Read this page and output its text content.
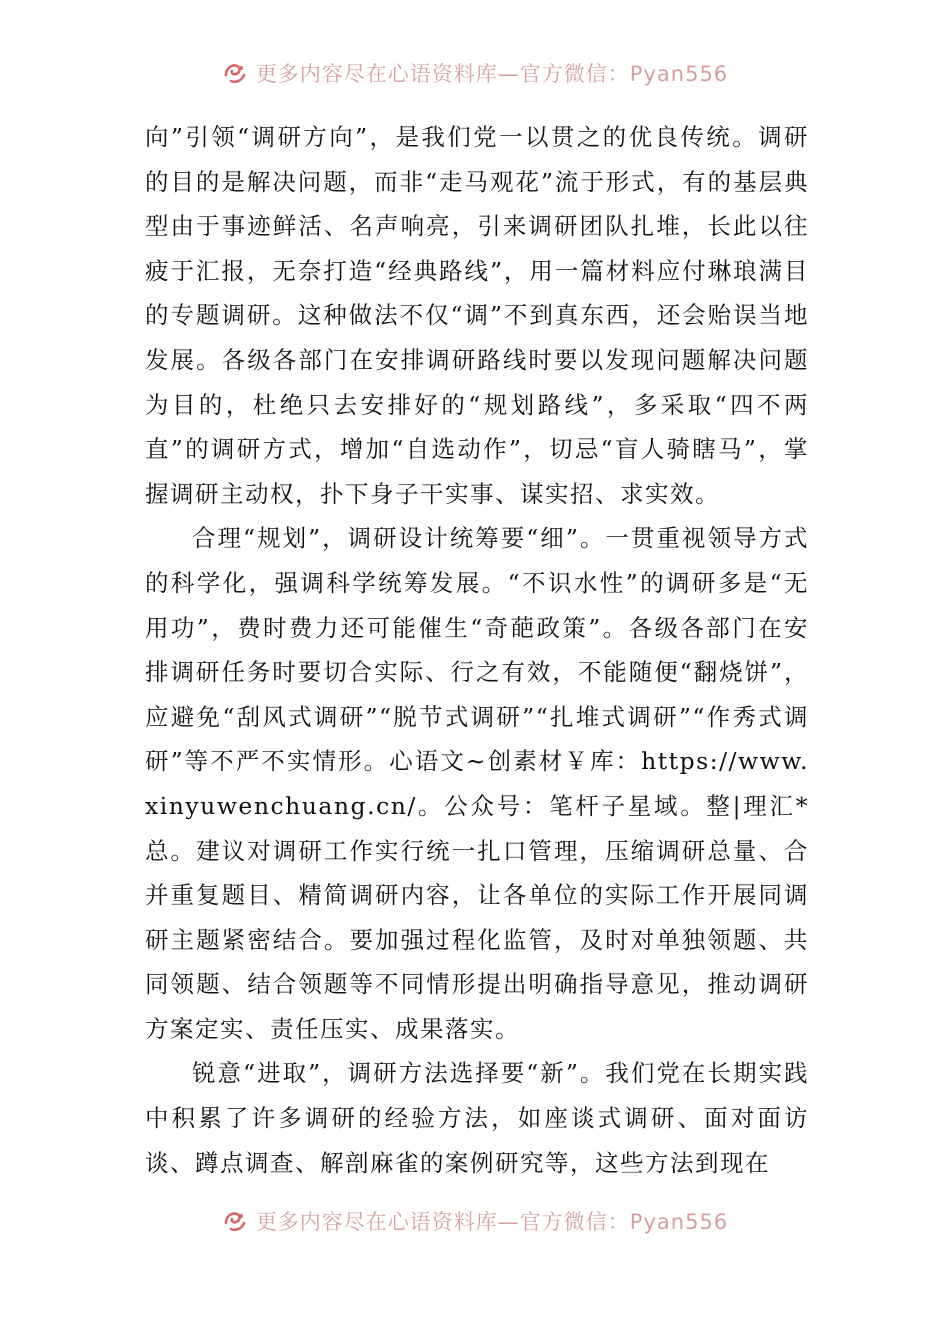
更多内容尽在心语资料库—官方微信：Pyan556

向”引领“调研方向”，是我们党一以贯之的优良传统。调研的目的是解决问题，而非“走马观花”流于形式，有的基层典型由于事迹鲜活、名声响亮，引来调研团队扎堆，长此以往疲于汇报，无奈打造“经典路线”，用一篇材料应付琳琅满目的专题调研。这种做法不仅“调”不到真东西，还会贻误当地发展。各级各部门在安排调研路线时要以发现问题解决问题为目的，杜绝只去安排好的“规划路线”，多采取“四不两直”的调研方式，增加“自选动作”，切忌“盲人骑瞎马”，掌握调研主动权，扑下身子干实事、谋实招、求实效。

合理“规划”，调研设计统筹要“细”。一贯重视领导方式的科学化，强调科学统筹发展。“不识水性”的调研多是“无用功”，费时费力还可能催生“奇葩政策”。各级各部门在安排调研任务时要切合实际、行之有效，不能随便“翻烧饼”，应避免“刮风式调研”“脱节式调研”“扎堆式调研”“作秀式调研”等不严不实情形。心语文~创素材￥库：https://www.xinyuwenchuang.cn/。公众号：笔杆子星域。整|理汇*总。建议对调研工作实行统一扎口管理，压缩调研总量、合并重复题目、精简调研内容，让各单位的实际工作开展同调研主题紧密结合。要加强过程化监管，及时对单独领题、共同领题、结合领题等不同情形提出明确指导意见，推动调研方案定实、责任压实、成果落实。

锐意“进取”，调研方法选择要“新”。我们党在长期实践中积累了许多调研的经验方法，如座谈式调研、面对面访谈、蹲点调查、解剖麻雀的案例研究等，这些方法到现在

更多内容尽在心语资料库—官方微信：Pyan556
